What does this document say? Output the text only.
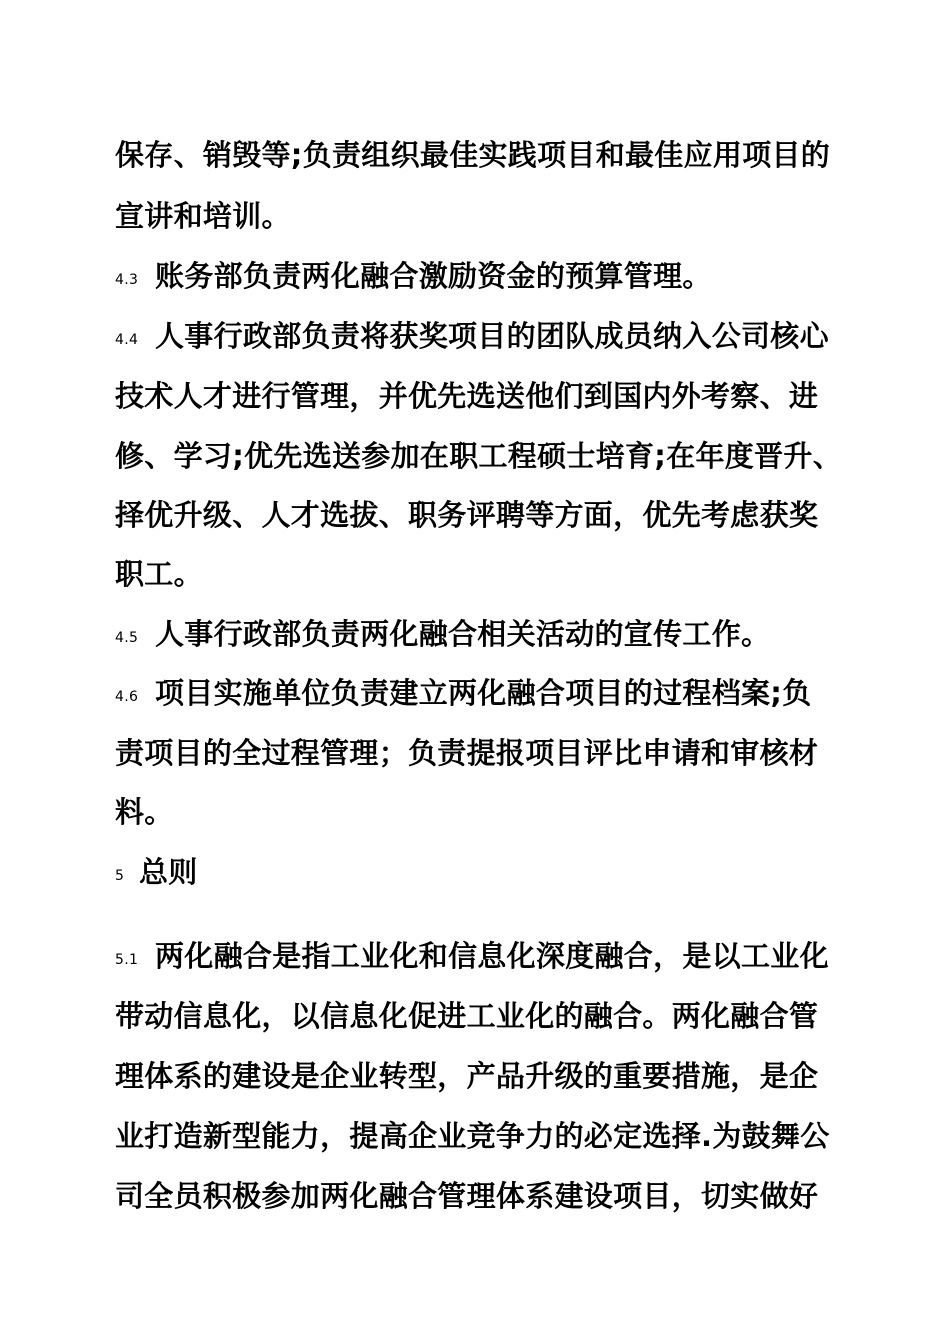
保存、销毁等;负责组织最佳实践项目和最佳应用项目的
宣讲和培训。
4.3 账务部负责两化融合激励资金的预算管理。
4.4 人事行政部负责将获奖项目的团队成员纳入公司核心
技术人才进行管理，并优先选送他们到国内外考察、进
修、学习;优先选送参加在职工程硕士培育;在年度晋升、
择优升级、人才选拔、职务评聘等方面，优先考虑获奖
职工。
4.5 人事行政部负责两化融合相关活动的宣传工作。
4.6 项目实施单位负责建立两化融合项目的过程档案;负
责项目的全过程管理；负责提报项目评比申请和审核材
料。
5 总则
5.1 两化融合是指工业化和信息化深度融合，是以工业化
带动信息化，以信息化促进工业化的融合。两化融合管
理体系的建设是企业转型，产品升级的重要措施，是企
业打造新型能力，提高企业竞争力的必定选择.为鼓舞公
司全员积极参加两化融合管理体系建设项目，切实做好
